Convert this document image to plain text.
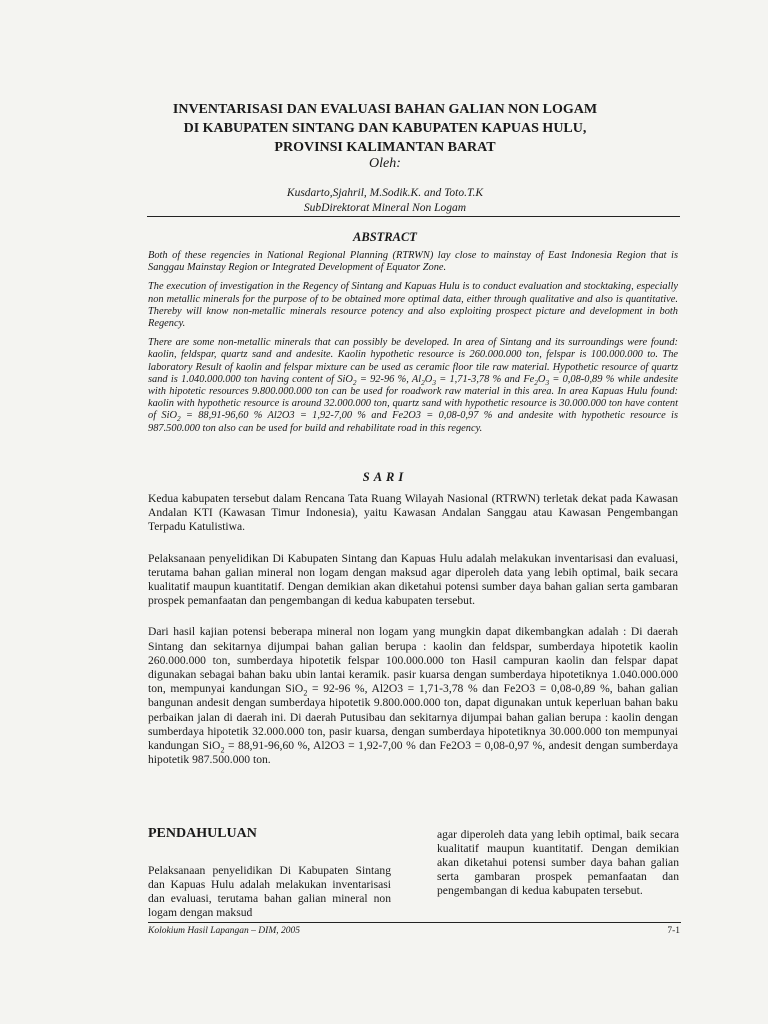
INVENTARISASI DAN EVALUASI BAHAN GALIAN NON LOGAM
DI KABUPATEN SINTANG DAN KABUPATEN KAPUAS HULU,
PROVINSI KALIMANTAN BARAT
Oleh:
Kusdarto,Sjahril, M.Sodik.K. and Toto.T.K
SubDirektorat Mineral Non Logam
ABSTRACT

Both of these regencies in National Regional Planning (RTRWN) lay close to mainstay of East Indonesia Region that is Sanggau Mainstay Region or Integrated Development of Equator Zone.

The execution of investigation in the Regency of Sintang and Kapuas Hulu is to conduct evaluation and stocktaking, especially non metallic minerals for the purpose of to be obtained more optimal data, either through qualitative and also is quantitative. Thereby will know non-metallic minerals resource potency and also exploiting prospect picture and development in both Regency.

There are some non-metallic minerals that can possibly be developed. In area of Sintang and its surroundings were found: kaolin, feldspar, quartz sand and andesite. Kaolin hypothetic resource is 260.000.000 ton, felspar is 100.000.000 to. The laboratory Result of kaolin and felspar mixture can be used as ceramic floor tile raw material. Hypothetic resource of quartz sand is 1.040.000.000 ton having content of SiO$_2$ = 92-96 %, $Al_2O_3 = 1,71-3,78$ % and $Fe_2O_3 = 0,08-0,89$ % while andesite with hipotetic resources 9.800.000.000 ton can be used for roadwork raw material in this area. In area Kapuas Hulu found: kaolin with hypothetic resource is around 32.000.000 ton, quartz sand with hypothetic resource is 30.000.000 ton have content of SiO$_2$ = 88,91-96,60 % Al2O3 = 1,92-7,00 % and Fe2O3 = 0,08-0,97 % and andesite with hypothetic resource is 987.500.000 ton also can be used for build and rehabilitate road in this regency.

SARI

Kedua kabupaten tersebut dalam Rencana Tata Ruang Wilayah Nasional (RTRWN) terletak dekat pada Kawasan Andalan KTI (Kawasan Timur Indonesia), yaitu Kawasan Andalan Sanggau atau Kawasan Pengembangan Terpadu Katulistiwa.

Pelaksanaan penyelidikan Di Kabupaten Sintang dan Kapuas Hulu adalah melakukan inventarisasi dan evaluasi, terutama bahan galian mineral non logam dengan maksud agar diperoleh data yang lebih optimal, baik secara kualitatif maupun kuantitatif. Dengan demikian akan diketahui potensi sumber daya bahan galian serta gambaran prospek pemanfaatan dan pengembangan di kedua kabupaten tersebut.

Dari hasil kajian potensi beberapa mineral non logam yang mungkin dapat dikembangkan adalah : Di daerah Sintang dan sekitarnya dijumpai bahan galian berupa : kaolin dan feldspar, sumberdaya hipotetik kaolin 260.000.000 ton, sumberdaya hipotetik felspar 100.000.000 ton Hasil campuran kaolin dan felspar dapat digunakan sebagai bahan baku ubin lantai keramik. pasir kuarsa dengan sumberdaya hipotetiknya 1.040.000.000 ton, mempunyai kandungan SiO$_2$ = 92-96 %, Al2O3 = 1,71-3,78 % dan Fe2O3 = 0,08-0,89 %, bahan galian bangunan andesit dengan sumberdaya hipotetik 9.800.000.000 ton, dapat digunakan untuk keperluan bahan baku perbaikan jalan di daerah ini. Di daerah Putusibau dan sekitarnya dijumpai bahan galian berupa : kaolin dengan sumberdaya hipotetik 32.000.000 ton, pasir kuarsa, dengan sumberdaya hipotetiknya 30.000.000 ton mempunyai kandungan SiO$_2$ = 88,91-96,60 %, Al2O3 = 1,92-7,00 % dan Fe2O3 = 0,08-0,97 %, andesit dengan sumberdaya hipotetik 987.500.000 ton.

PENDAHULUAN

Pelaksanaan penyelidikan Di Kabupaten Sintang dan Kapuas Hulu adalah melakukan inventarisasi dan evaluasi, terutama bahan galian mineral non logam dengan maksud

agar diperoleh data yang lebih optimal, baik secara kualitatif maupun kuantitatif. Dengan demikian akan diketahui potensi sumber daya bahan galian serta gambaran prospek pemanfaatan dan pengembangan di kedua kabupaten tersebut.

Kolokium Hasil Lapangan – DIM, 2005	7-1
